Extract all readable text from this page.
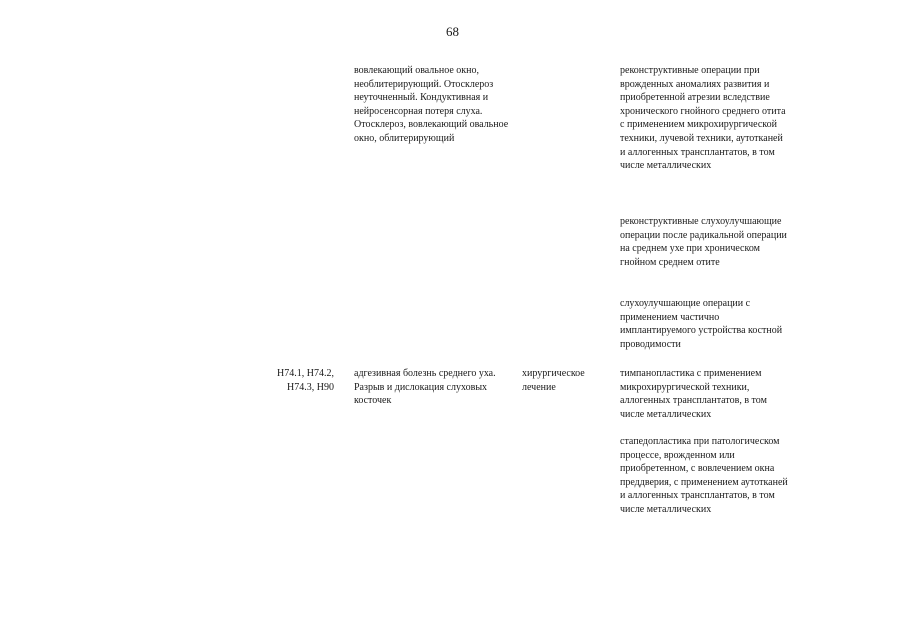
68

вовлекающий овальное окно, необлитерирующий. Отосклероз неуточненный. Кондуктивная и нейросенсорная потеря слуха. Отосклероз, вовлекающий овальное окно, облитерирующий

реконструктивные операции при врожденных аномалиях развития и приобретенной атрезии вследствие хронического гнойного среднего отита с применением микрохирургической техники, лучевой техники, аутотканей и аллогенных трансплантатов, в том числе металлических

реконструктивные слухоулучшающие операции после радикальной операции на среднем ухе при хроническом гнойном среднем отите

слухоулучшающие операции с применением частично имплантируемого устройства костной проводимости

H74.1, H74.2, H74.3, H90

адгезивная болезнь среднего уха. Разрыв и дислокация слуховых косточек

хирургическое лечение

тимпанопластика с применением микрохирургической техники, аллогенных трансплантатов, в том числе металлических

стапедопластика при патологическом процессе, врожденном или приобретенном, с вовлечением окна преддверия, с применением аутотканей и аллогенных трансплантатов, в том числе металлических
